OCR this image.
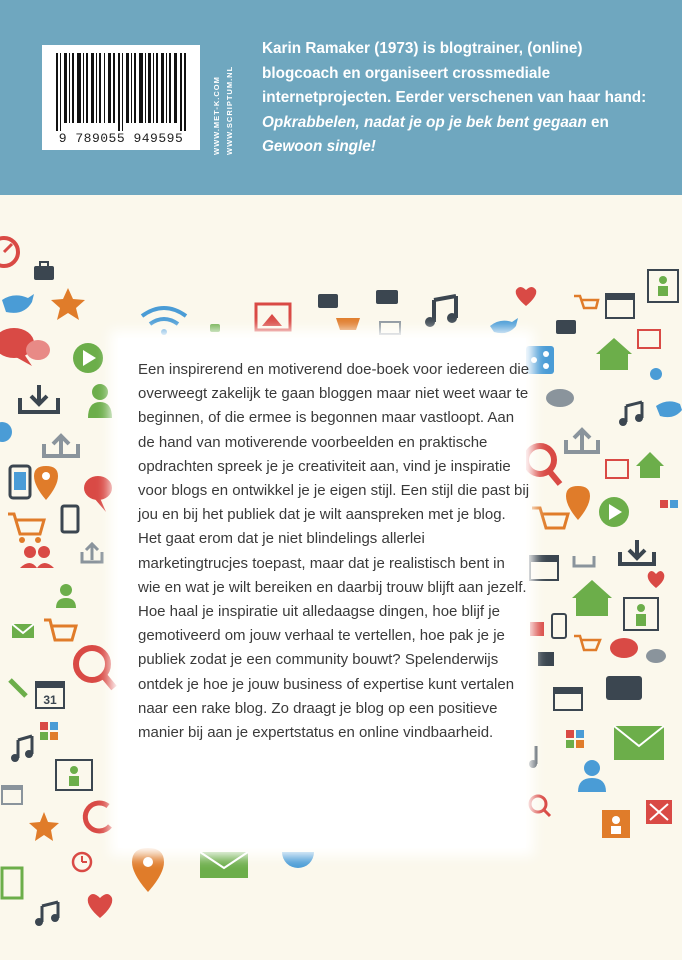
9 789055 949595	WWW.MET-K.COM WWW.SCRIPTUM.NL
Karin Ramaker (1973) is blogtrainer, (online) blogcoach en organiseert crossmediale internetprojecten. Eerder verschenen van haar hand: Opkrabbelen, nadat je op je bek bent gegaan en Gewoon single!
31
Een inspirerend en motiverend doe-boek voor iedereen die overweegt zakelijk te gaan bloggen maar niet weet waar te beginnen, of die ermee is begonnen maar vastloopt. Aan de hand van motiverende voorbeelden en praktische opdrachten spreek je je creativiteit aan, vind je inspiratie voor blogs en ontwikkel je je eigen stijl. Een stijl die past bij jou en bij het publiek dat je wilt aanspreken met je blog. Het gaat erom dat je niet blindelings allerlei marketingtrucjes toepast, maar dat je realistisch bent in wie en wat je wilt bereiken en daarbij trouw blijft aan jezelf. Hoe haal je inspiratie uit alledaagse dingen, hoe blijf je gemotiveerd om jouw verhaal te vertellen, hoe pak je je publiek zodat je een community bouwt? Spelenderwijs ontdek je hoe je jouw business of expertise kunt vertalen naar een rake blog. Zo draagt je blog op een positieve manier bij aan je expertstatus en online vindbaarheid.
